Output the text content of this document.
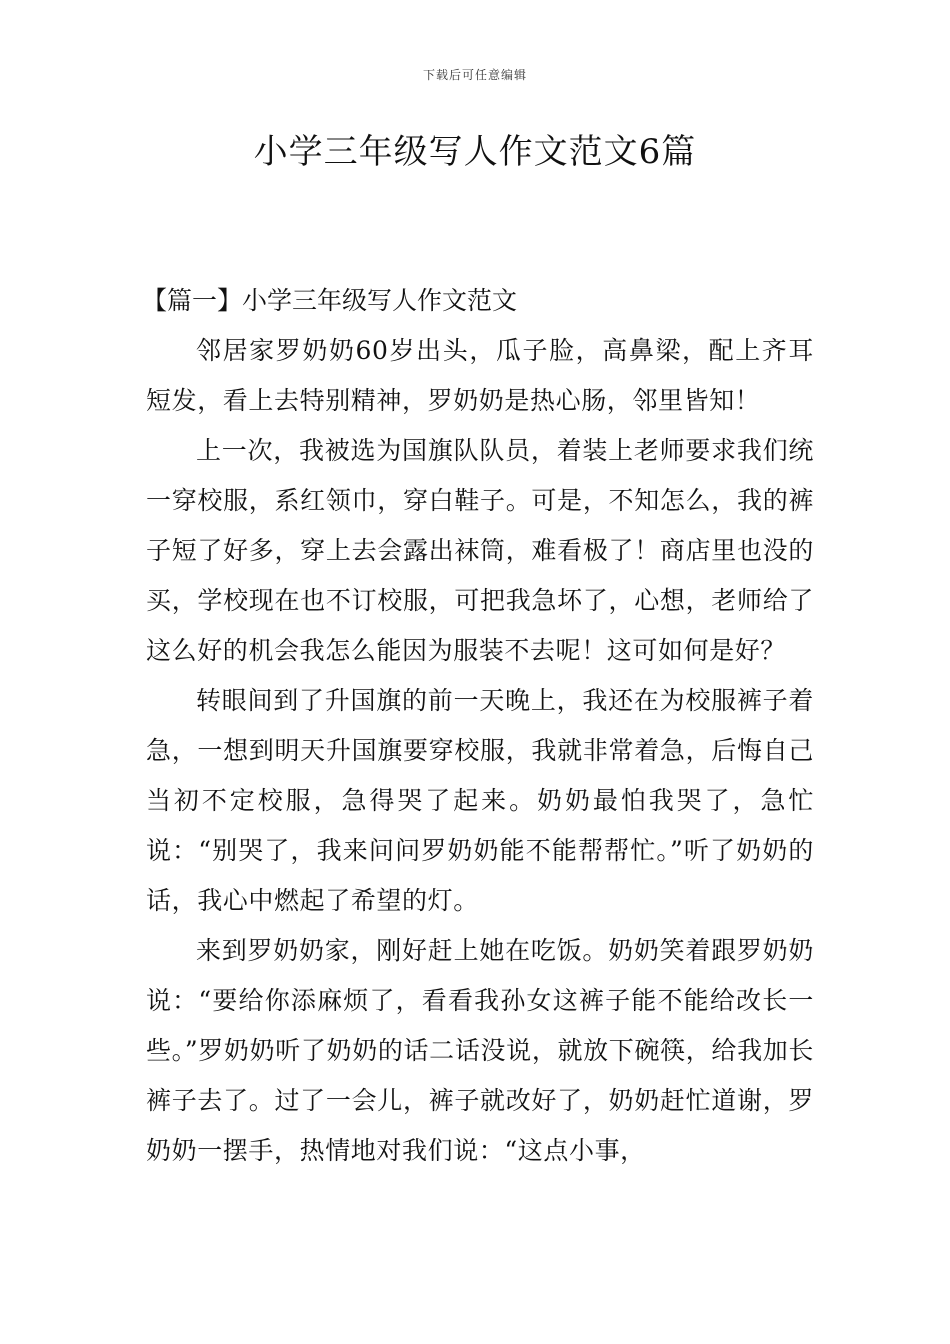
下载后可任意编辑
小学三年级写人作文范文6篇
【篇一】小学三年级写人作文范文

邻居家罗奶奶60岁出头，瓜子脸，高鼻梁，配上齐耳短发，看上去特别精神，罗奶奶是热心肠，邻里皆知！

上一次，我被选为国旗队队员，着装上老师要求我们统一穿校服，系红领巾，穿白鞋子。可是，不知怎么，我的裤子短了好多，穿上去会露出袜筒，难看极了！商店里也没的买，学校现在也不订校服，可把我急坏了，心想，老师给了这么好的机会我怎么能因为服装不去呢！这可如何是好？

转眼间到了升国旗的前一天晚上，我还在为校服裤子着急，一想到明天升国旗要穿校服，我就非常着急，后悔自己当初不定校服，急得哭了起来。奶奶最怕我哭了，急忙说：“别哭了，我来问问罗奶奶能不能帮帮忙。”听了奶奶的话，我心中燃起了希望的灯。

来到罗奶奶家，刚好赶上她在吃饭。奶奶笑着跟罗奶奶说：“要给你添麻烦了，看看我孙女这裤子能不能给改长一些。”罗奶奶听了奶奶的话二话没说，就放下碗筷，给我加长裤子去了。过了一会儿，裤子就改好了，奶奶赶忙道谢，罗奶奶一摆手，热情地对我们说：“这点小事，
